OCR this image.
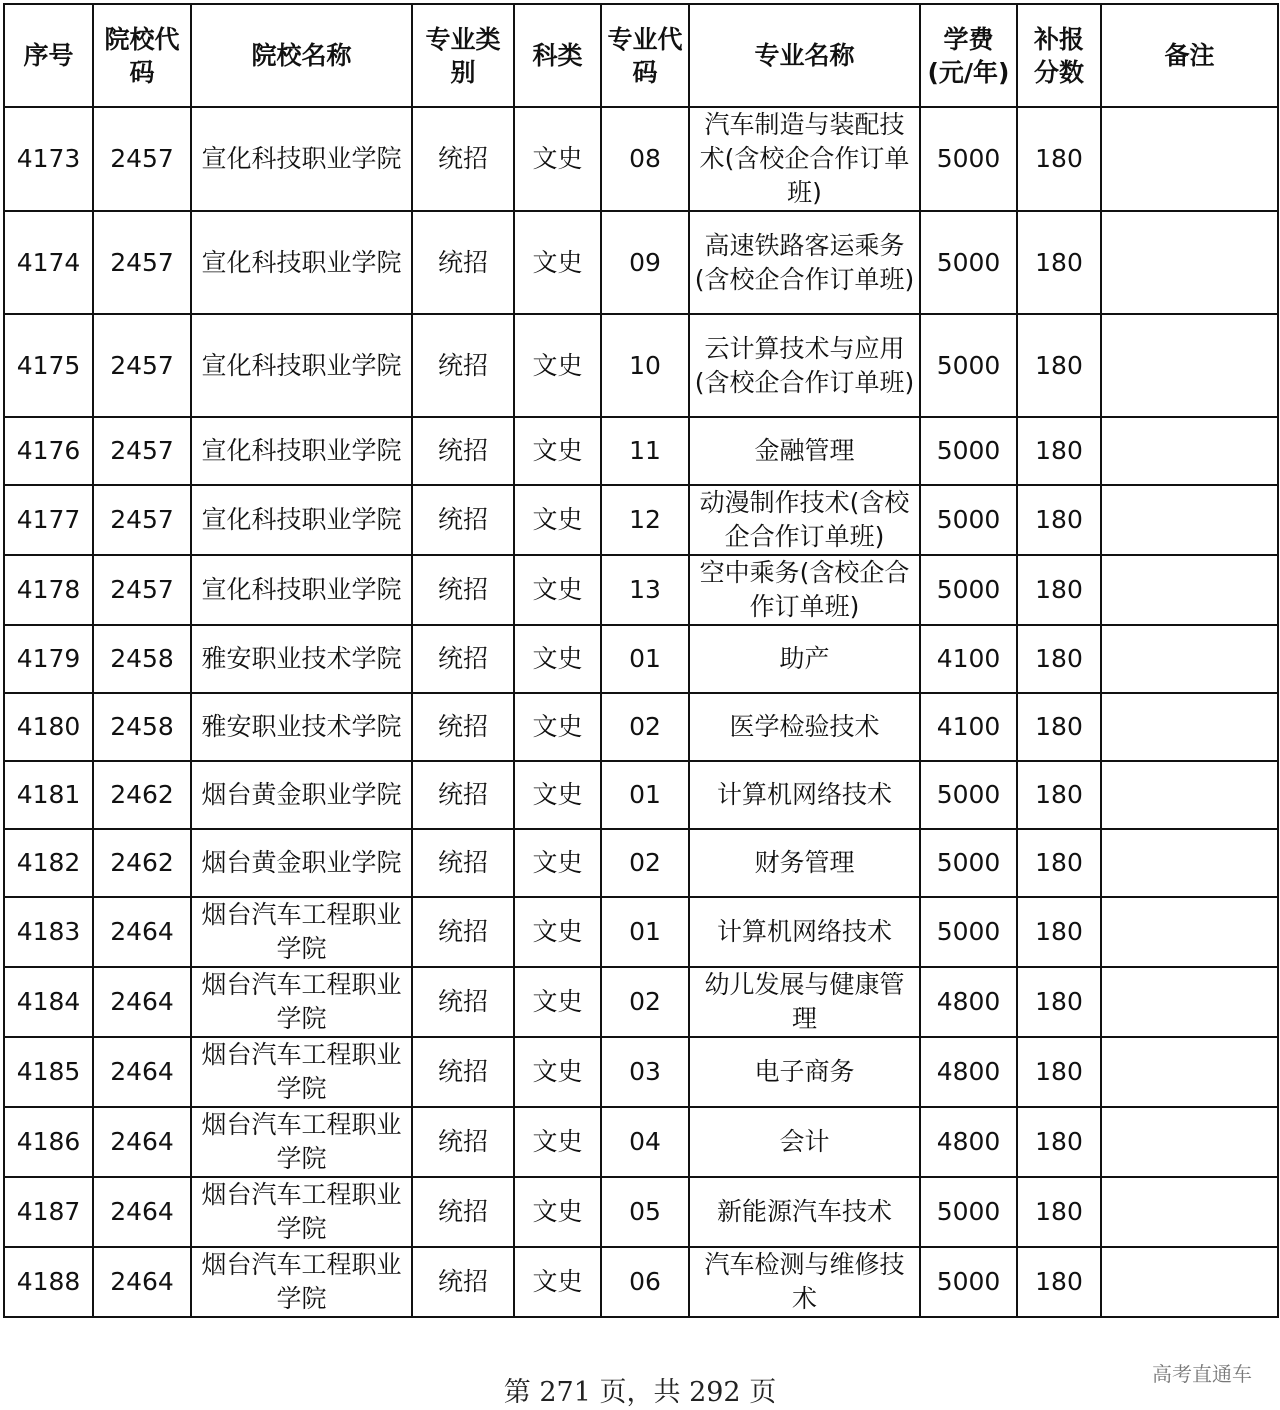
序号	院校代码	院校名称	专业类别	科类	专业代码	专业名称	学费(元/年)	补报分数	备注
4173	2457	宣化科技职业学院	统招	文史	08	汽车制造与装配技术(含校企合作订单班)	5000	180	
4174	2457	宣化科技职业学院	统招	文史	09	高速铁路客运乘务(含校企合作订单班)	5000	180	
4175	2457	宣化科技职业学院	统招	文史	10	云计算技术与应用(含校企合作订单班)	5000	180	
4176	2457	宣化科技职业学院	统招	文史	11	金融管理	5000	180	
4177	2457	宣化科技职业学院	统招	文史	12	动漫制作技术(含校企合作订单班)	5000	180	
4178	2457	宣化科技职业学院	统招	文史	13	空中乘务(含校企合作订单班)	5000	180	
4179	2458	雅安职业技术学院	统招	文史	01	助产	4100	180	
4180	2458	雅安职业技术学院	统招	文史	02	医学检验技术	4100	180	
4181	2462	烟台黄金职业学院	统招	文史	01	计算机网络技术	5000	180	
4182	2462	烟台黄金职业学院	统招	文史	02	财务管理	5000	180	
4183	2464	烟台汽车工程职业学院	统招	文史	01	计算机网络技术	5000	180	
4184	2464	烟台汽车工程职业学院	统招	文史	02	幼儿发展与健康管理	4800	180	
4185	2464	烟台汽车工程职业学院	统招	文史	03	电子商务	4800	180	
4186	2464	烟台汽车工程职业学院	统招	文史	04	会计	4800	180	
4187	2464	烟台汽车工程职业学院	统招	文史	05	新能源汽车技术	5000	180	
4188	2464	烟台汽车工程职业学院	统招	文史	06	汽车检测与维修技术	5000	180	
第 271 页，共 292 页
高考直通车
